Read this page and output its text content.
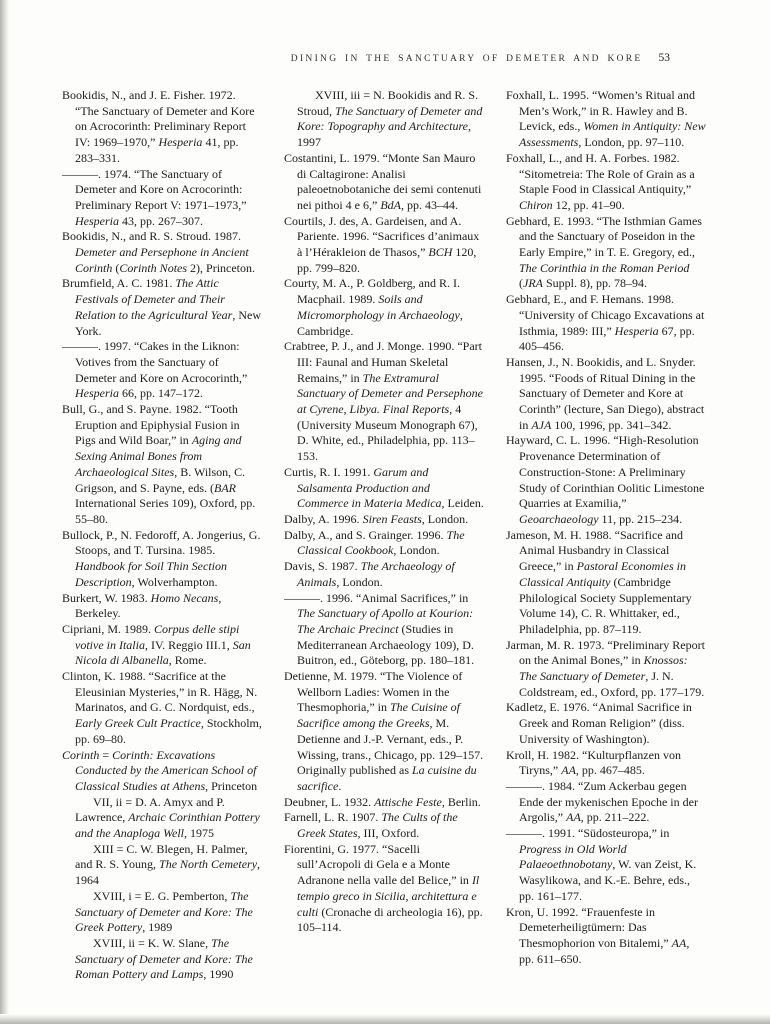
DINING IN THE SANCTUARY OF DEMETER AND KORE 53

Bookidis, N., and J. E. Fisher. 1972. “The Sanctuary of Demeter and Kore on Acrocorinth: Preliminary Report IV: 1969–1970,” Hesperia 41, pp. 283–331.

———. 1974. “The Sanctuary of Demeter and Kore on Acrocorinth: Preliminary Report V: 1971–1973,” Hesperia 43, pp. 267–307.

Bookidis, N., and R. S. Stroud. 1987. Demeter and Persephone in Ancient Corinth (Corinth Notes 2), Princeton.

Brumfield, A. C. 1981. The Attic Festivals of Demeter and Their Relation to the Agricultural Year, New York.

———. 1997. “Cakes in the Liknon: Votives from the Sanctuary of Demeter and Kore on Acrocorinth,” Hesperia 66, pp. 147–172.

Bull, G., and S. Payne. 1982. “Tooth Eruption and Epiphysial Fusion in Pigs and Wild Boar,” in Aging and Sexing Animal Bones from Archaeological Sites, B. Wilson, C. Grigson, and S. Payne, eds. (BAR International Series 109), Oxford, pp. 55–80.

Bullock, P., N. Fedoroff, A. Jongerius, G. Stoops, and T. Tursina. 1985. Handbook for Soil Thin Section Description, Wolverhampton.

Burkert, W. 1983. Homo Necans, Berkeley.

Cipriani, M. 1989. Corpus delle stipi votive in Italia, IV. Reggio III.1, San Nicola di Albanella, Rome.

Clinton, K. 1988. “Sacrifice at the Eleusinian Mysteries,” in R. Hägg, N. Marinatos, and G. C. Nordquist, eds., Early Greek Cult Practice, Stockholm, pp. 69–80.

Corinth = Corinth: Excavations Conducted by the American School of Classical Studies at Athens, Princeton

VII, ii = D. A. Amyx and P. Lawrence, Archaic Corinthian Pottery and the Anaploga Well, 1975

XIII = C. W. Blegen, H. Palmer, and R. S. Young, The North Cemetery, 1964

XVIII, i = E. G. Pemberton, The Sanctuary of Demeter and Kore: The Greek Pottery, 1989

XVIII, ii = K. W. Slane, The Sanctuary of Demeter and Kore: The Roman Pottery and Lamps, 1990

XVIII, iii = N. Bookidis and R. S. Stroud, The Sanctuary of Demeter and Kore: Topography and Architecture, 1997

Costantini, L. 1979. “Monte San Mauro di Caltagirone: Analisi paleoetnobotaniche dei semi contenuti nei pithoi 4 e 6,” BdA, pp. 43–44.

Courtils, J. des, A. Gardeisen, and A. Pariente. 1996. “Sacrifices d’animaux à l’Hérakleion de Thasos,” BCH 120, pp. 799–820.

Courty, M. A., P. Goldberg, and R. I. Macphail. 1989. Soils and Micromorphology in Archaeology, Cambridge.

Crabtree, P. J., and J. Monge. 1990. “Part III: Faunal and Human Skeletal Remains,” in The Extramural Sanctuary of Demeter and Persephone at Cyrene, Libya. Final Reports, 4 (University Museum Monograph 67), D. White, ed., Philadelphia, pp. 113–153.

Curtis, R. I. 1991. Garum and Salsamenta Production and Commerce in Materia Medica, Leiden.

Dalby, A. 1996. Siren Feasts, London.

Dalby, A., and S. Grainger. 1996. The Classical Cookbook, London.

Davis, S. 1987. The Archaeology of Animals, London.

———. 1996. “Animal Sacrifices,” in The Sanctuary of Apollo at Kourion: The Archaic Precinct (Studies in Mediterranean Archaeology 109), D. Buitron, ed., Göteborg, pp. 180–181.

Detienne, M. 1979. “The Violence of Wellborn Ladies: Women in the Thesmophoria,” in The Cuisine of Sacrifice among the Greeks, M. Detienne and J.-P. Vernant, eds., P. Wissing, trans., Chicago, pp. 129–157. Originally published as La cuisine du sacrifice.

Deubner, L. 1932. Attische Feste, Berlin.

Farnell, L. R. 1907. The Cults of the Greek States, III, Oxford.

Fiorentini, G. 1977. “Sacelli sull’Acropoli di Gela e a Monte Adranone nella valle del Belice,” in Il tempio greco in Sicilia, architettura e culti (Cronache di archeologia 16), pp. 105–114.

Foxhall, L. 1995. “Women’s Ritual and Men’s Work,” in R. Hawley and B. Levick, eds., Women in Antiquity: New Assessments, London, pp. 97–110.

Foxhall, L., and H. A. Forbes. 1982. “Sitometreia: The Role of Grain as a Staple Food in Classical Antiquity,” Chiron 12, pp. 41–90.

Gebhard, E. 1993. “The Isthmian Games and the Sanctuary of Poseidon in the Early Empire,” in T. E. Gregory, ed., The Corinthia in the Roman Period (JRA Suppl. 8), pp. 78–94.

Gebhard, E., and F. Hemans. 1998. “University of Chicago Excavations at Isthmia, 1989: III,” Hesperia 67, pp. 405–456.

Hansen, J., N. Bookidis, and L. Snyder. 1995. “Foods of Ritual Dining in the Sanctuary of Demeter and Kore at Corinth” (lecture, San Diego), abstract in AJA 100, 1996, pp. 341–342.

Hayward, C. L. 1996. “High-Resolution Provenance Determination of Construction-Stone: A Preliminary Study of Corinthian Oolitic Limestone Quarries at Examilia,” Geoarchaeology 11, pp. 215–234.

Jameson, M. H. 1988. “Sacrifice and Animal Husbandry in Classical Greece,” in Pastoral Economies in Classical Antiquity (Cambridge Philological Society Supplementary Volume 14), C. R. Whittaker, ed., Philadelphia, pp. 87–119.

Jarman, M. R. 1973. “Preliminary Report on the Animal Bones,” in Knossos: The Sanctuary of Demeter, J. N. Coldstream, ed., Oxford, pp. 177–179.

Kadletz, E. 1976. “Animal Sacrifice in Greek and Roman Religion” (diss. University of Washington).

Kroll, H. 1982. “Kulturpflanzen von Tiryns,” AA, pp. 467–485.

———. 1984. “Zum Ackerbau gegen Ende der mykenischen Epoche in der Argolis,” AA, pp. 211–222.

———. 1991. “Südosteuropa,” in Progress in Old World Palaeoethnobotany, W. van Zeist, K. Wasylikowa, and K.-E. Behre, eds., pp. 161–177.

Kron, U. 1992. “Frauenfeste in Demeterheiligtümern: Das Thesmophorion von Bitalemi,” AA, pp. 611–650.
